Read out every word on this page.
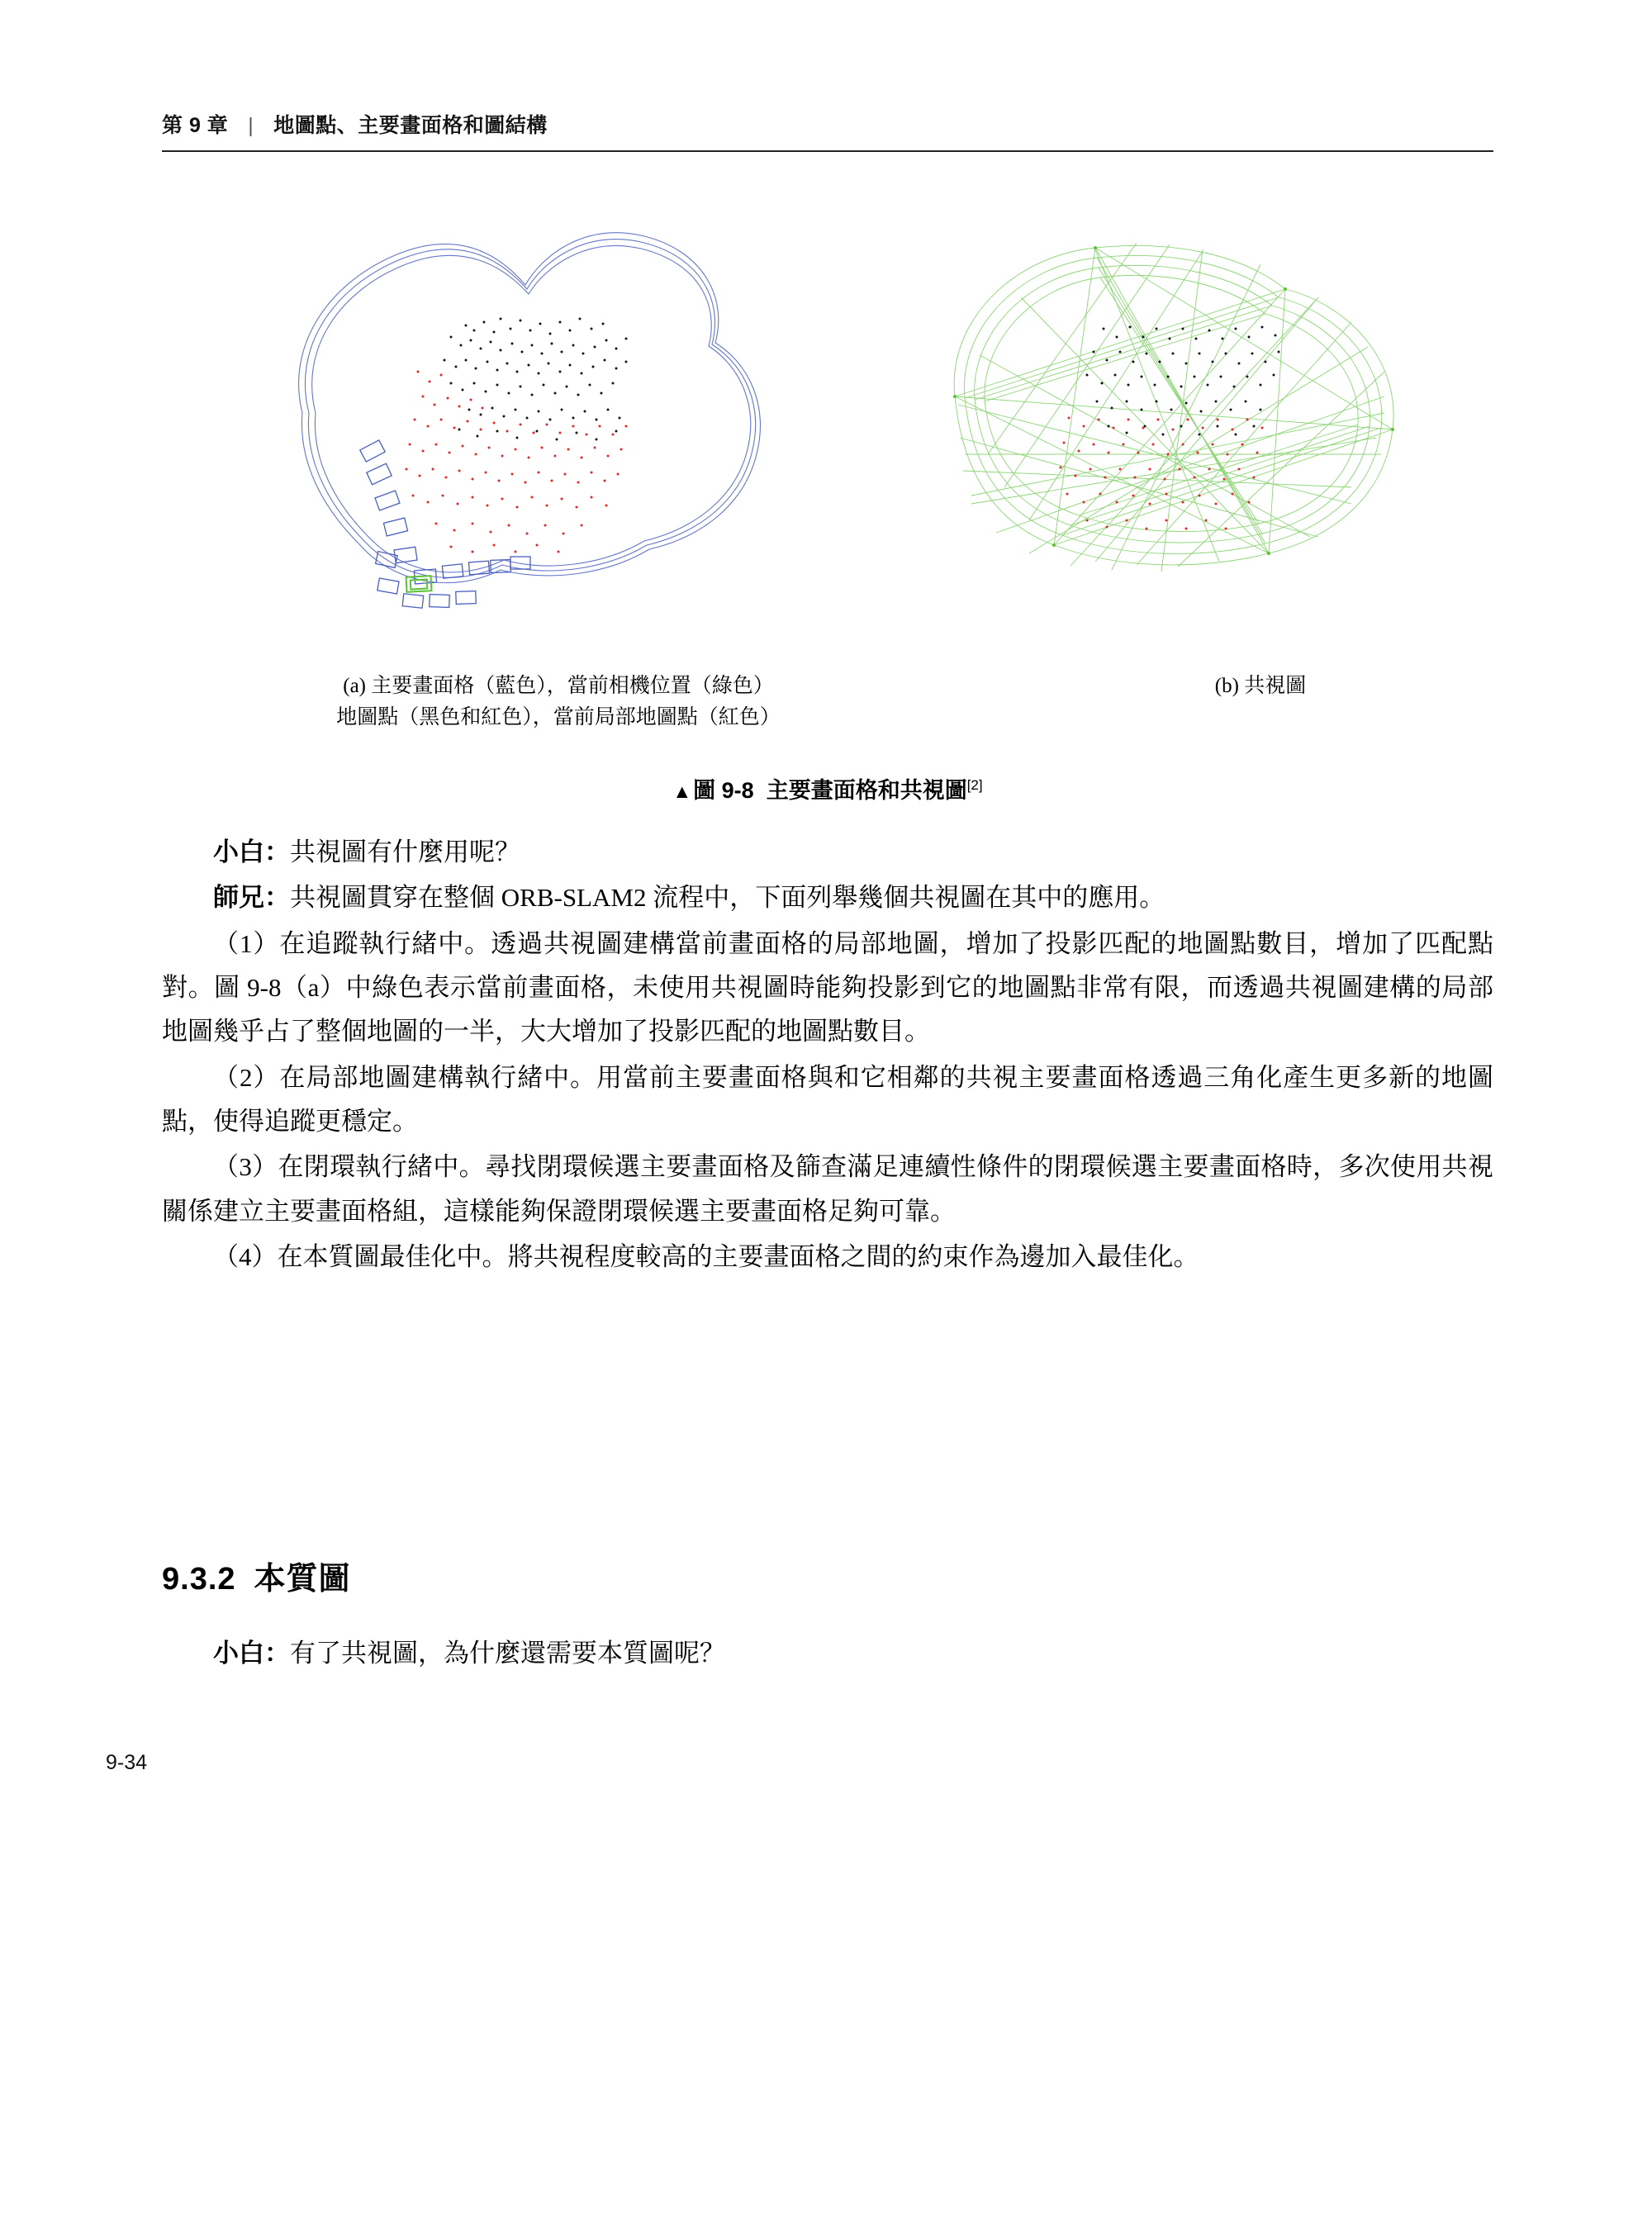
第 9 章 | 地圖點、主要畫面格和圖結構
(a) 主要畫面格（藍色），當前相機位置（綠色）
地圖點（黑色和紅色），當前局部地圖點（紅色）
(b) 共視圖
▲圖 9-8 主要畫面格和共視圖[2]

小白：共視圖有什麼用呢？

師兄：共視圖貫穿在整個 ORB-SLAM2 流程中，下面列舉幾個共視圖在其中的應用。

（1）在追蹤執行緒中。透過共視圖建構當前畫面格的局部地圖，增加了投影匹配的地圖點數目，增加了匹配點對。圖 9-8（a）中綠色表示當前畫面格，未使用共視圖時能夠投影到它的地圖點非常有限，而透過共視圖建構的局部地圖幾乎占了整個地圖的一半，大大增加了投影匹配的地圖點數目。

（2）在局部地圖建構執行緒中。用當前主要畫面格與和它相鄰的共視主要畫面格透過三角化產生更多新的地圖點，使得追蹤更穩定。

（3）在閉環執行緒中。尋找閉環候選主要畫面格及篩查滿足連續性條件的閉環候選主要畫面格時，多次使用共視關係建立主要畫面格組，這樣能夠保證閉環候選主要畫面格足夠可靠。

（4）在本質圖最佳化中。將共視程度較高的主要畫面格之間的約束作為邊加入最佳化。

9.3.2 本質圖

小白：有了共視圖，為什麼還需要本質圖呢？

9-34
